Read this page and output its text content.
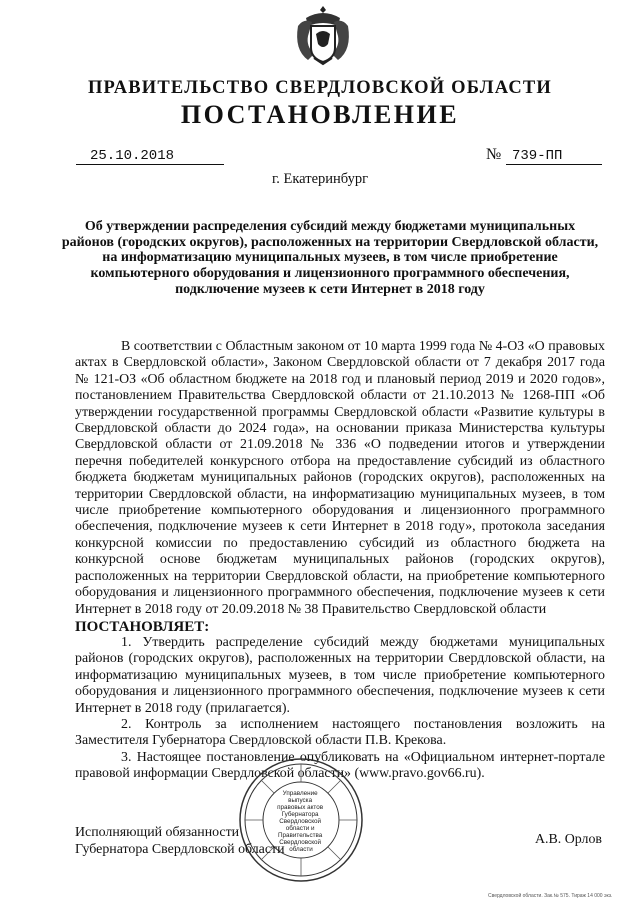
ПРАВИТЕЛЬСТВО СВЕРДЛОВСКОЙ ОБЛАСТИ
ПОСТАНОВЛЕНИЕ
25.10.2018	№ 739-ПП
г. Екатеринбург
Об утверждении распределения субсидий между бюджетами муниципальных районов (городских округов), расположенных на территории Свердловской области, на информатизацию муниципальных музеев, в том числе приобретение компьютерного оборудования и лицензионного программного обеспечения, подключение музеев к сети Интернет в 2018 году

В соответствии с Областным законом от 10 марта 1999 года № 4-ОЗ «О правовых актах в Свердловской области», Законом Свердловской области от 7 декабря 2017 года № 121-ОЗ «Об областном бюджете на 2018 год и плановый период 2019 и 2020 годов», постановлением Правительства Свердловской области от 21.10.2013 № 1268-ПП «Об утверждении государственной программы Свердловской области «Развитие культуры в Свердловской области до 2024 года», на основании приказа Министерства культуры Свердловской области от 21.09.2018 № 336 «О подведении итогов и утверждении перечня победителей конкурсного отбора на предоставление субсидий из областного бюджета бюджетам муниципальных районов (городских округов), расположенных на территории Свердловской области, на информатизацию муниципальных музеев, в том числе приобретение компьютерного оборудования и лицензионного программного обеспечения, подключение музеев к сети Интернет в 2018 году», протокола заседания конкурсной комиссии по предоставлению субсидий из областного бюджета на конкурсной основе бюджетам муниципальных районов (городских округов), расположенных на территории Свердловской области, на приобретение компьютерного оборудования и лицензионного программного обеспечения, подключение музеев к сети Интернет в 2018 году от 20.09.2018 № 38 Правительство Свердловской области

ПОСТАНОВЛЯЕТ:

1. Утвердить распределение субсидий между бюджетами муниципальных районов (городских округов), расположенных на территории Свердловской области, на информатизацию муниципальных музеев, в том числе приобретение компьютерного оборудования и лицензионного программного обеспечения, подключение музеев к сети Интернет в 2018 году (прилагается).

2. Контроль за исполнением настоящего постановления возложить на Заместителя Губернатора Свердловской области П.В. Крекова.

3. Настоящее постановление опубликовать на «Официальном интернет-портале правовой информации Свердловской области» (www.pravo.gov66.ru).

Управление выпуска правовых актов Губернатора Свердловской области и Правительства Свердловской области
Исполняющий обязанности
Губернатора Свердловской области
А.В. Орлов
Свердловской области. Зак.№ 575. Тираж 14 000 экз.
